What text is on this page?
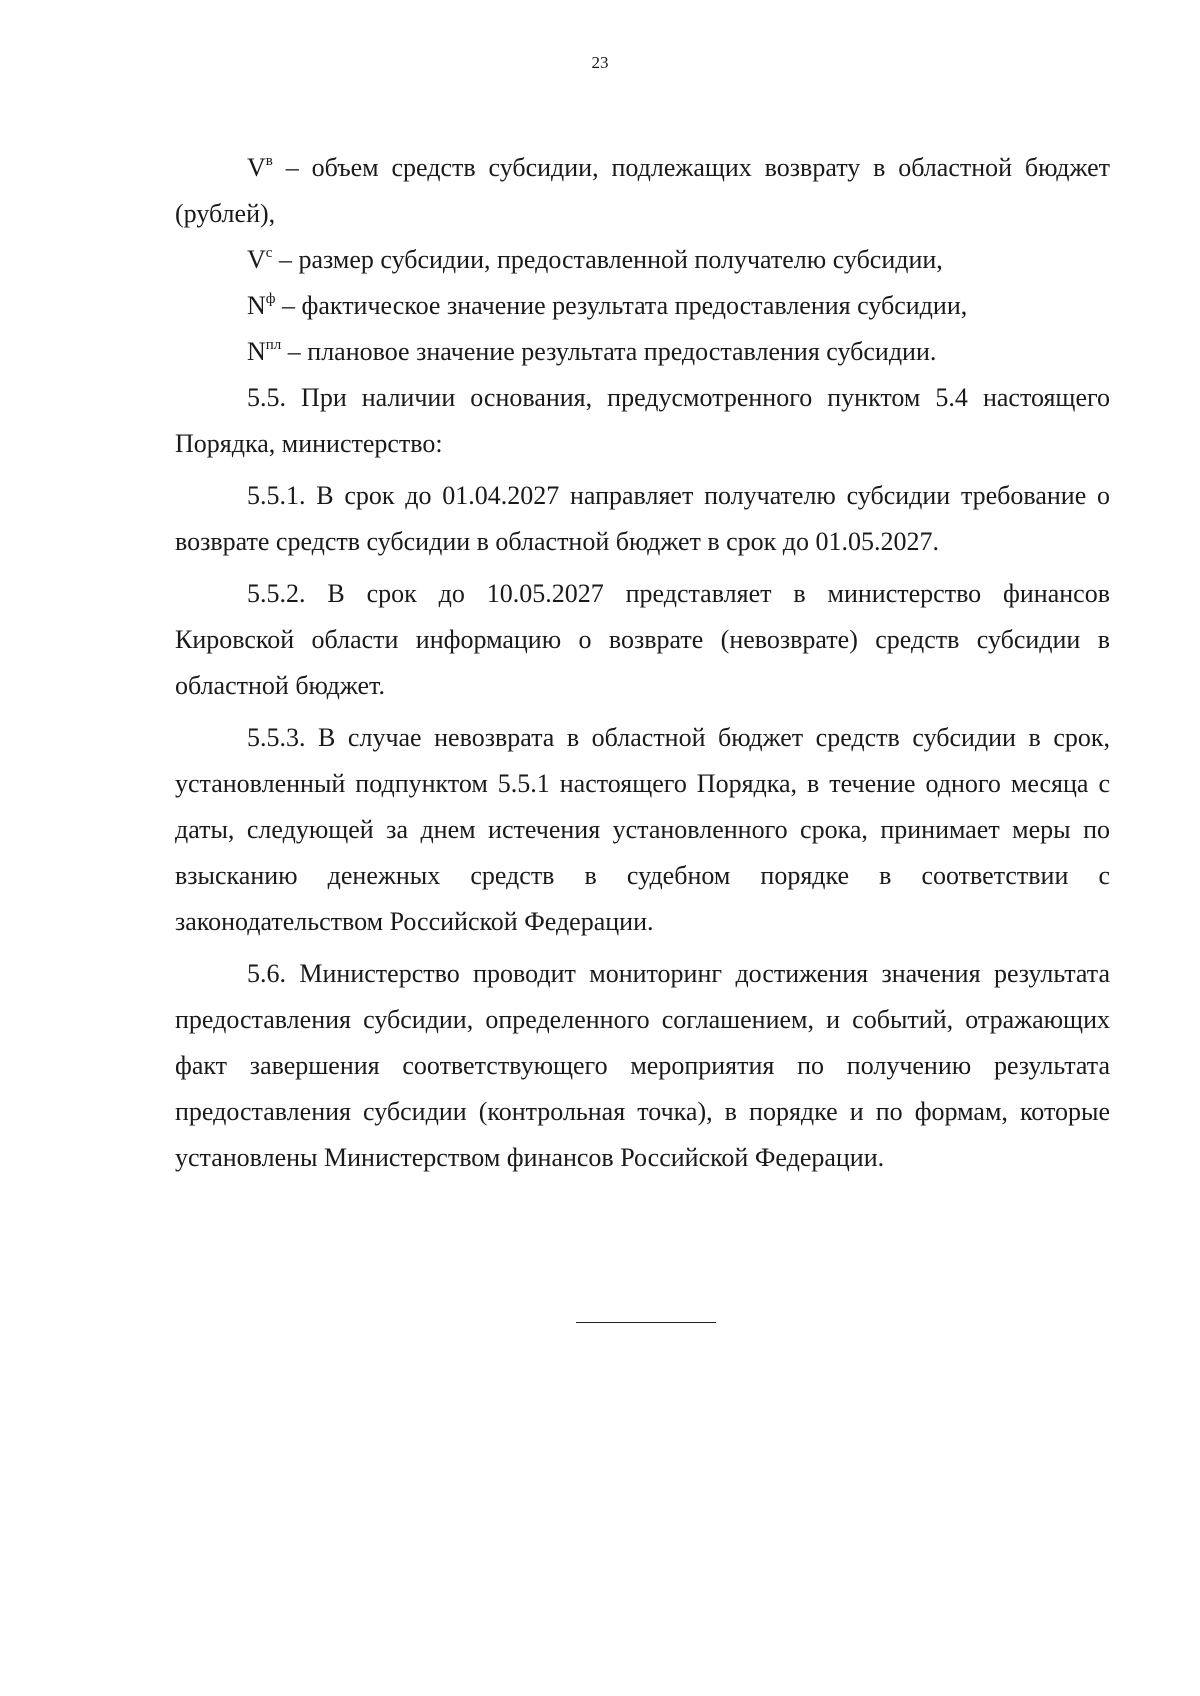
23

$V^в$ – объем средств субсидии, подлежащих возврату в областной бюджет (рублей),

$V^с$ – размер субсидии, предоставленной получателю субсидии,

$N^ф$ – фактическое значение результата предоставления субсидии,

$N^{пл}$ – плановое значение результата предоставления субсидии.

5.5. При наличии основания, предусмотренного пунктом 5.4 настоящего Порядка, министерство:

5.5.1. В срок до 01.04.2027 направляет получателю субсидии требование о возврате средств субсидии в областной бюджет в срок до 01.05.2027.

5.5.2. В срок до 10.05.2027 представляет в министерство финансов Кировской области информацию о возврате (невозврате) средств субсидии в областной бюджет.

5.5.3. В случае невозврата в областной бюджет средств субсидии в срок, установленный подпунктом 5.5.1 настоящего Порядка, в течение одного месяца с даты, следующей за днем истечения установленного срока, принимает меры по взысканию денежных средств в судебном порядке в соответствии с законодательством Российской Федерации.

5.6. Министерство проводит мониторинг достижения значения результата предоставления субсидии, определенного соглашением, и событий, отражающих факт завершения соответствующего мероприятия по получению результата предоставления субсидии (контрольная точка), в порядке и по формам, которые установлены Министерством финансов Российской Федерации.
